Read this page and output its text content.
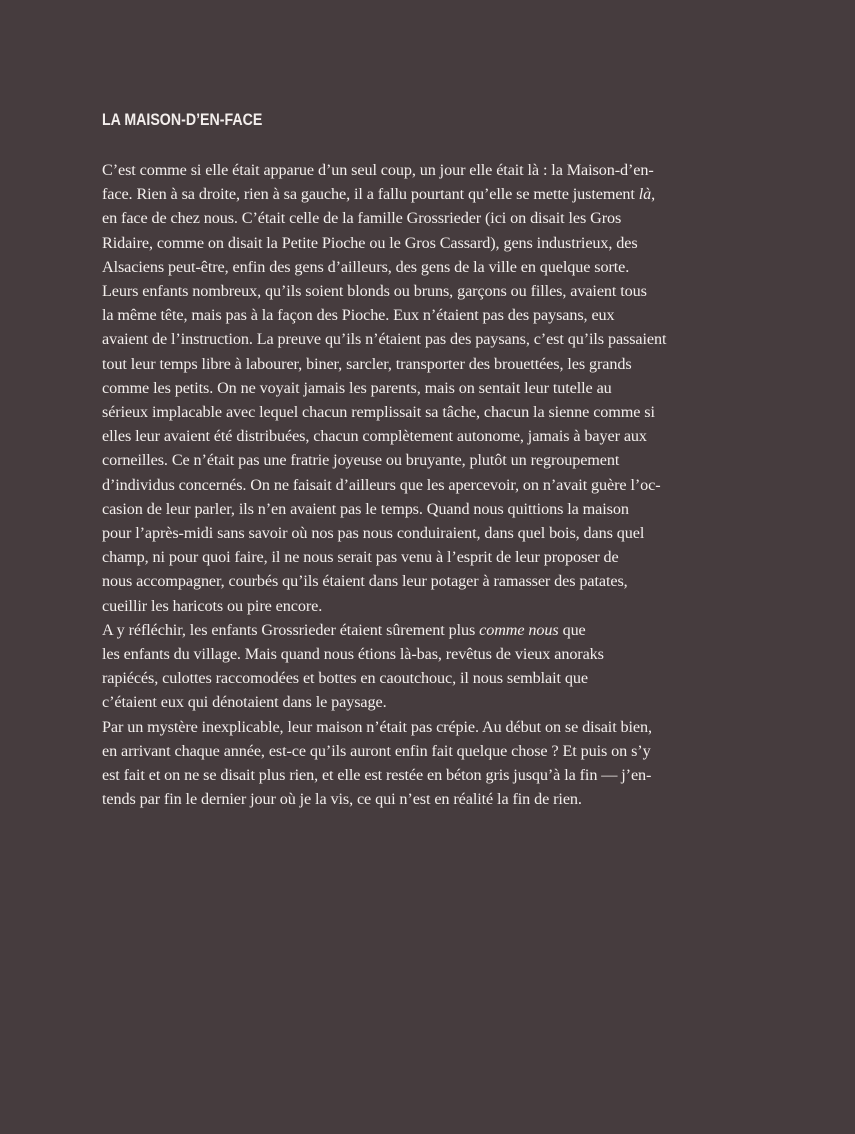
LA MAISON-D’EN-FACE
C’est comme si elle était apparue d’un seul coup, un jour elle était là : la Maison-d’en-
face. Rien à sa droite, rien à sa gauche, il a fallu pourtant qu’elle se mette justement là,
en face de chez nous. C’était celle de la famille Grossrieder (ici on disait les Gros
Ridaire, comme on disait la Petite Pioche ou le Gros Cassard), gens industrieux, des
Alsaciens peut-être, enfin des gens d’ailleurs, des gens de la ville en quelque sorte.
Leurs enfants nombreux, qu’ils soient blonds ou bruns, garçons ou filles, avaient tous
la même tête, mais pas à la façon des Pioche. Eux n’étaient pas des paysans, eux
avaient de l’instruction. La preuve qu’ils n’étaient pas des paysans, c’est qu’ils passaient
tout leur temps libre à labourer, biner, sarcler, transporter des brouettées, les grands
comme les petits. On ne voyait jamais les parents, mais on sentait leur tutelle au
sérieux implacable avec lequel chacun remplissait sa tâche, chacun la sienne comme si
elles leur avaient été distribuées, chacun complètement autonome, jamais à bayer aux
corneilles. Ce n’était pas une fratrie joyeuse ou bruyante, plutôt un regroupement
d’individus concernés. On ne faisait d’ailleurs que les apercevoir, on n’avait guère l’oc-
casion de leur parler, ils n’en avaient pas le temps. Quand nous quittions la maison
pour l’après-midi sans savoir où nos pas nous conduiraient, dans quel bois, dans quel
champ, ni pour quoi faire, il ne nous serait pas venu à l’esprit de leur proposer de
nous accompagner, courbés qu’ils étaient dans leur potager à ramasser des patates,
cueillir les haricots ou pire encore.
A y réfléchir, les enfants Grossrieder étaient sûrement plus comme nous que
les enfants du village. Mais quand nous étions là-bas, revêtus de vieux anoraks
rapiécés, culottes raccomodées et bottes en caoutchouc, il nous semblait que
c’étaient eux qui dénotaient dans le paysage.
Par un mystère inexplicable, leur maison n’était pas crépie. Au début on se disait bien,
en arrivant chaque année, est-ce qu’ils auront enfin fait quelque chose ? Et puis on s’y
est fait et on ne se disait plus rien, et elle est restée en béton gris jusqu’à la fin — j’en-
tends par fin le dernier jour où je la vis, ce qui n’est en réalité la fin de rien.
